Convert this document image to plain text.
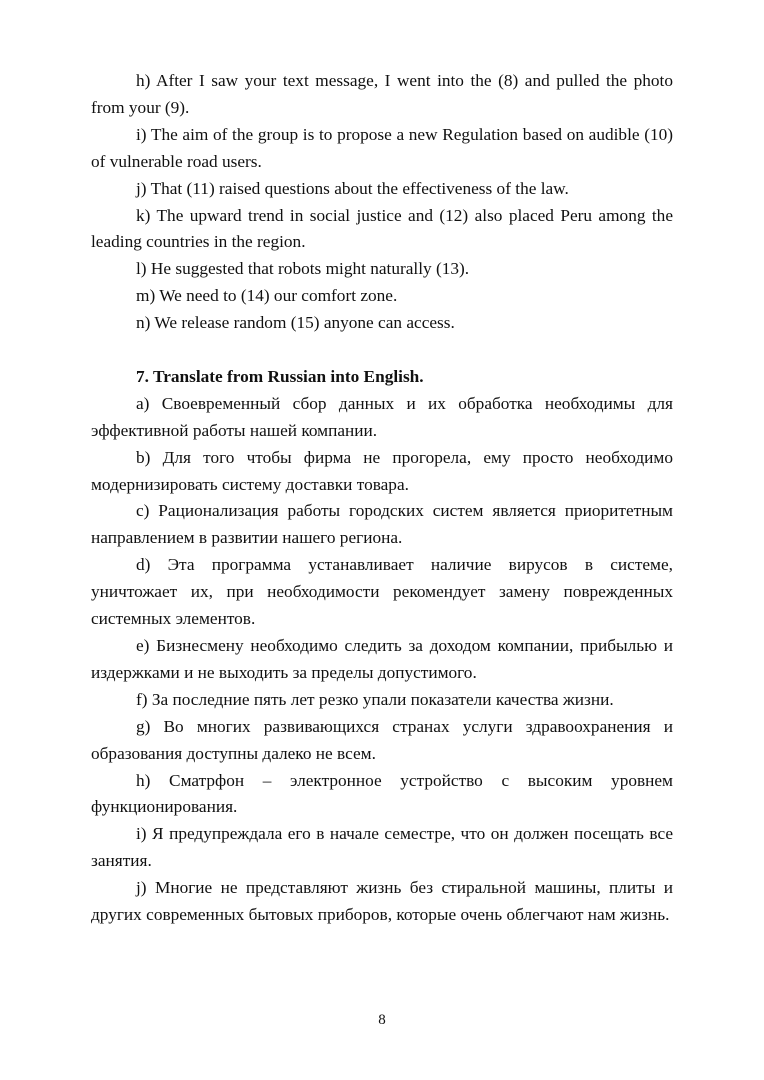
h) After I saw your text message, I went into the (8) and pulled the photo from your (9).

i) The aim of the group is to propose a new Regulation based on audible (10) of vulnerable road users.

j) That (11) raised questions about the effectiveness of the law.

k) The upward trend in social justice and (12) also placed Peru among the leading countries in the region.

l) He suggested that robots might naturally (13).

m) We need to (14) our comfort zone.

n) We release random (15) anyone can access.

7. Translate from Russian into English.

a) Своевременный сбор данных и их обработка необходимы для эффективной работы нашей компании.

b) Для того чтобы фирма не прогорела, ему просто необходимо модернизировать систему доставки товара.

c) Рационализация работы городских систем является приоритетным направлением в развитии нашего региона.

d) Эта программа устанавливает наличие вирусов в системе, уничтожает их, при необходимости рекомендует замену поврежденных системных элементов.

e) Бизнесмену необходимо следить за доходом компании, прибылью и издержками и не выходить за пределы допустимого.

f) За последние пять лет резко упали показатели качества жизни.

g) Во многих развивающихся странах услуги здравоохранения и образования доступны далеко не всем.

h) Сматрфон – электронное устройство с высоким уровнем функционирования.

i) Я предупреждала его в начале семестре, что он должен посещать все занятия.

j) Многие не представляют жизнь без стиральной машины, плиты и других современных бытовых приборов, которые очень облегчают нам жизнь.

8
